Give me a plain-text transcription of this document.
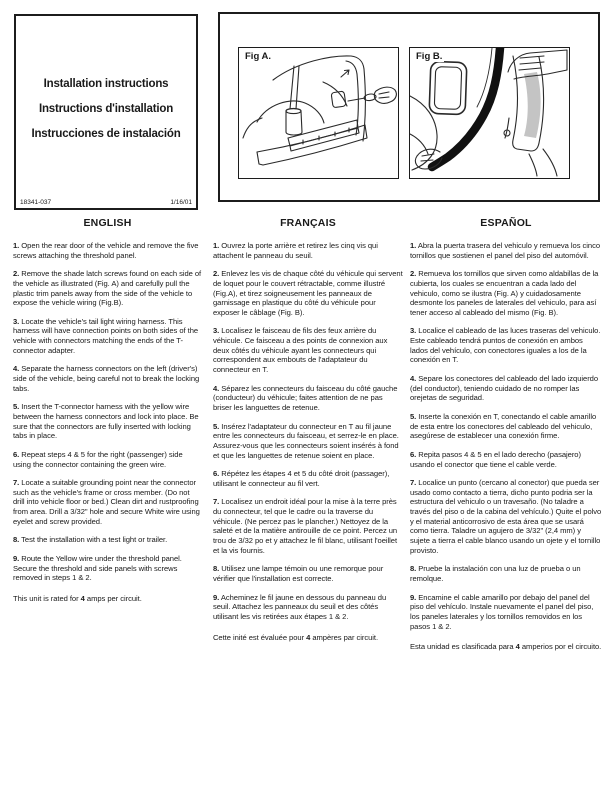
Installation instructions
Instructions d'installation
Instrucciones de instalación
18341-037	1/16/01
Fig A.	Fig B.
ENGLISH

1. Open the rear door of the vehicle and remove the five screws attaching the threshold panel.

2. Remove the shade latch screws found on each side of the vehicle as illustrated (Fig. A) and carefully pull the plastic trim panels away from the side of the vehicle to expose the vehicle wiring (Fig.B).

3. Locate the vehicle's tail light wiring harness. This harness will have connection points on both sides of the vehicle with connectors matching the ends of the T-connector adapter.

4. Separate the harness connectors on the left (driver's) side of the vehicle, being careful not to break the locking tabs.

5. Insert the T-connector harness with the yellow wire between the harness connectors and lock into place. Be sure that the connectors are fully inserted with locking tabs in place.

6. Repeat steps 4 & 5 for the right (passenger) side using the connector containing the green wire.

7. Locate a suitable grounding point near the connector such as the vehicle's frame or cross member. (Do not drill into vehicle floor or bed.) Clean dirt and rustproofing from area. Drill a 3/32" hole and secure White wire using eyelet and screw provided.

8. Test the installation with a test light or trailer.

9. Route the Yellow wire under the threshold panel. Secure the threshold and side panels with screws removed in steps 1 & 2.

This unit is rated for 4 amps per circuit.

FRANÇAIS

1. Ouvrez la porte arrière et retirez les cinq vis qui attachent le panneau du seuil.

2. Enlevez les vis de chaque côté du véhicule qui servent de loquet pour le couvert rétractable, comme illustré (Fig.A), et tirez soigneusement les panneaux de garnissage en plastique du côté du véhicule pour exposer le câblage (Fig. B).

3. Localisez le faisceau de fils des feux arrière du véhicule. Ce faisceau a des points de connexion aux deux côtés du véhicule ayant les connecteurs qui correspondent aux embouts de l'adaptateur du connecteur en T.

4. Séparez les connecteurs du faisceau du côté gauche (conducteur) du véhicule; faites attention de ne pas briser les languettes de retenue.

5. Insérez l'adaptateur du connecteur en T au fil jaune entre les connecteurs du faisceau, et serrez-le en place. Assurez-vous que les connecteurs soient insérés à fond et que les languettes de retenue soient en place.

6. Répétez les étapes 4 et 5 du côté droit (passager), utilisant le connecteur au fil vert.

7. Localisez un endroit idéal pour la mise à la terre près du connecteur, tel que le cadre ou la traverse du véhicule. (Ne percez pas le plancher.) Nettoyez de la saleté et de la matière antirouille de ce point. Percez un trou de 3/32 po et y attachez le fil blanc, utilisant l'oeillet et la vis fournis.

8. Utilisez une lampe témoin ou une remorque pour vérifier que l'installation est correcte.

9. Acheminez le fil jaune en dessous du panneau du seuil. Attachez les panneaux du seuil et des côtés utilisant les vis retirées aux étapes 1 & 2.

Cette inité est évaluée pour 4 ampères par circuit.

ESPAÑOL

1. Abra la puerta trasera del vehiculo y remueva los cinco tornillos que sostienen el panel del piso del automóvil.

2. Remueva los tornillos que sirven como aldabillas de la cubierta, los cuales se encuentran a cada lado del vehiculo, como se ilustra (Fig. A) y cuidadosamente desmonte los paneles de laterales del vehiculo, para así tener acceso al cableado del mismo (Fig. B).

3. Localice el cableado de las luces traseras del vehiculo. Este cableado tendrá puntos de conexión en ambos lados del vehículo, con conectores iguales a los de la conexión en T.

4. Separe los conectores del cableado del lado izquierdo (del conductor), teniendo cuidado de no romper las orejetas de seguridad.

5. Inserte la conexión en T, conectando el cable amarillo de esta entre los conectores del cableado del vehiculo, asegúrese de establecer una conexión firme.

6. Repita pasos 4 & 5 en el lado derecho (pasajero) usando el conector que tiene el cable verde.

7. Localice un punto (cercano al conector) que pueda ser usado como contacto a tierra, dicho punto podria ser la estructura del vehiculo o un travesaño. (No taladre a través del piso o de la cabina del vehículo.) Quite el polvo y el material anticorrosivo de esta área que se usará como tierra. Taladre un agujero de 3/32" (2,4 mm) y sujete a tierra el cable blanco usando un ojete y el tornillo provisto.

8. Pruebe la instalación con una luz de prueba o un remolque.

9. Encamine el cable amarillo por debajo del panel del piso del vehículo. Instale nuevamente el panel del piso, los paneles laterales y los tornillos removidos en los pasos 1 & 2.

Esta unidad es clasificada para 4 amperios por el circuito.
